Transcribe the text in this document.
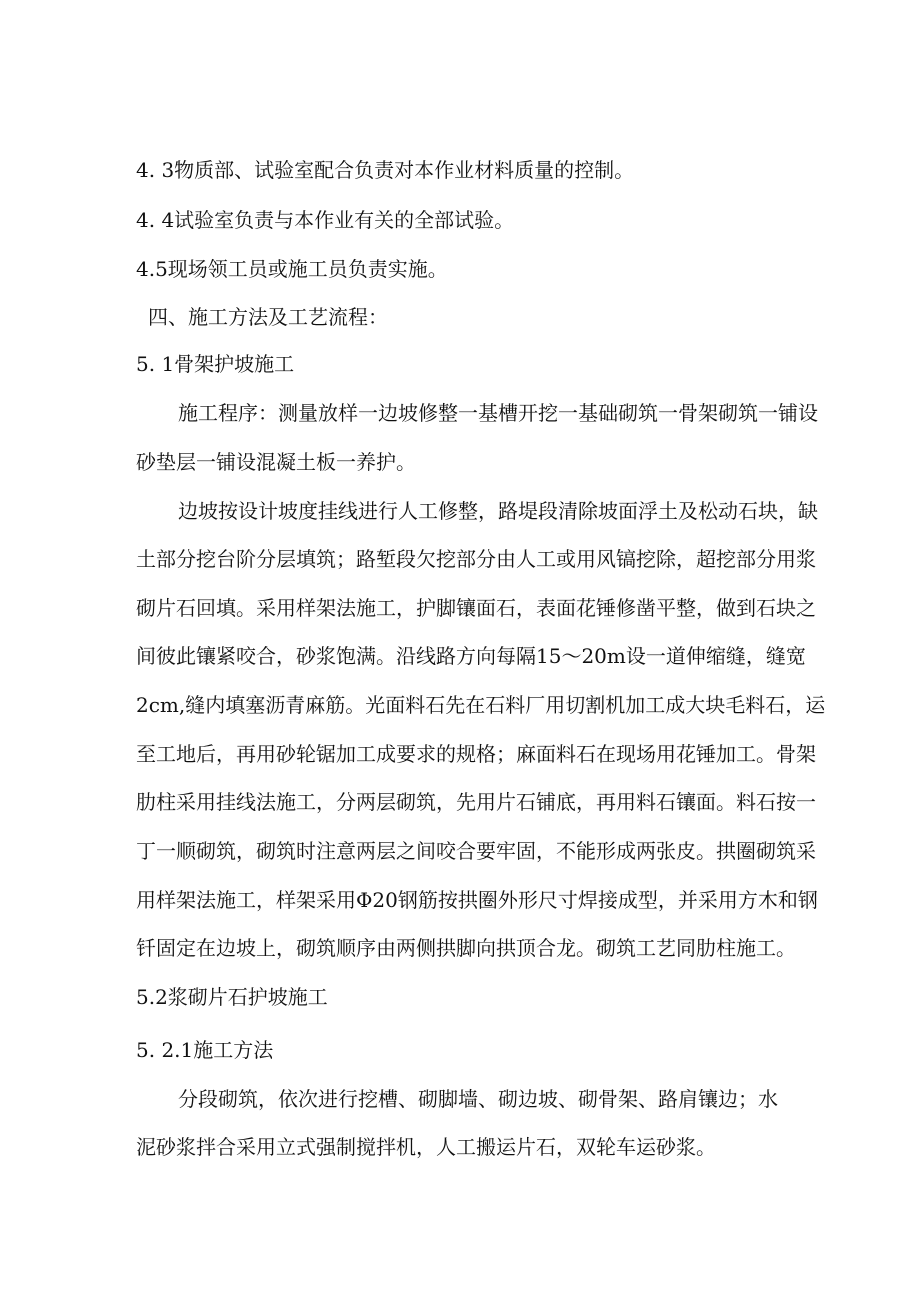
4. 3物质部、试验室配合负责对本作业材料质量的控制。
4. 4试验室负责与本作业有关的全部试验。
4.5现场领工员或施工员负责实施。
四、施工方法及工艺流程：
5. 1骨架护坡施工
施工程序：测量放样一边坡修整一基槽开挖一基础砌筑一骨架砌筑一铺设
砂垫层一铺设混凝土板一养护。
边坡按设计坡度挂线进行人工修整，路堤段清除坡面浮土及松动石块，缺
土部分挖台阶分层填筑；路堑段欠挖部分由人工或用风镐挖除，超挖部分用浆
砌片石回填。采用样架法施工，护脚镶面石，表面花锤修凿平整，做到石块之
间彼此镶紧咬合，砂浆饱满。沿线路方向每隔15～20m设一道伸缩缝，缝宽
2cm,缝内填塞沥青麻筋。光面料石先在石料厂用切割机加工成大块毛料石，运
至工地后，再用砂轮锯加工成要求的规格；麻面料石在现场用花锤加工。骨架
肋柱采用挂线法施工，分两层砌筑，先用片石铺底，再用料石镶面。料石按一
丁一顺砌筑，砌筑时注意两层之间咬合要牢固，不能形成两张皮。拱圈砌筑采
用样架法施工，样架采用Φ20钢筋按拱圈外形尺寸焊接成型，并采用方木和钢
钎固定在边坡上，砌筑顺序由两侧拱脚向拱顶合龙。砌筑工艺同肋柱施工。
5.2浆砌片石护坡施工
5. 2.1施工方法
分段砌筑，依次进行挖槽、砌脚墙、砌边坡、砌骨架、路肩镶边；水
泥砂浆拌合采用立式强制搅拌机，人工搬运片石，双轮车运砂浆。
